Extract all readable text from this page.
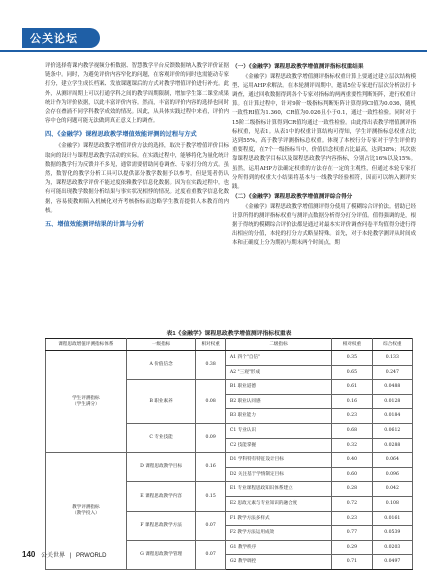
公关论坛

评价选择将课内教学视频分析数据、智慧教学平台反馈数据纳入教学评价证据链条中。同时，为避免评价内容窄化的问题，在客观评价的同时也需能动专家打分，建立学生成长档案、发放课题课后的方式对教学增值评价进行补充。此外，从测评周期上可以打通学科之间的教学周期限制，增加学生第二课堂成果统计作为评价依据，以此丰富评价内容。然而，丰富的评价内容的选择也同时会存在叠涌不同学科教学成效的情况。因此，从具体实践过程中来看，评价内容中仓的问题可能无法做到真正意义上的调查。

四、《金融学》课程思政教学增值效能评测的过程与方式

《金融学》课程思政教学增值评价方法的选择，取决于教学增值评价目标取向的设计与课程思政教学活动的实际。在实践过程中，能够将化为量化统计数据的教学行为反馈并不多见，通常需要借助问卷调查、专家打分的方式。虽然，数智化的教学分析工具可以提供部分教学数据予以参考，但是笼者仍认为，课程思政教学评价不能过度依赖教学信息化数据。因为在实践过程中，也有可能出现教学数据分析结果与事实状况相悖的情况。过度看重教学信息化数据，容易使教师陷入机械化对齐考核指标而忽略学生教育提供人本教育的内核。

五、增值效能测评结果的计算与分析
（一）《金融学》课程思政教学增值测评指标权重结果

《金融学》课程思政教学增值测评指标权重计算上要通过建立层次结构模型、运用AHP求解法。在本轮测评周期中，邀请5位专家进行层次分析法打卡调查，通过回收数据得到各个专家对指标的两两重要性判断矩阵，进行权重计算。在计算过程中，针对9阶一级指标判断矩阵计算得到CI值为0.036，随机一致性RI值为1.360，CR值为0.026且小于0.1，通过一致性检验。同时对于15阶二级指标计算得到CR值均通过一致性检验。由此得出表教学增值测评指标权重，见表1。从表1中的权重计算结构可得知，学生评测指标总权重占比达到55%，高于教学评测指标总权重。体现了本校行分专家对于学生评价的重要程度，在7个一级指标当中，价值信念权重占比最高，达到38%；其次依靠课程思政教学目标以及课程思政教学内容指标，分别占比16%以及15%。虽然，运用AHP方法确定权重的方法存在一定的主观性，但通过本轮专家打分所得到的权重大小结果将基本与一线教学经验相符，因而可以纳入测评实践。

（二）《金融学》课程思政教学增值测评综合得分

《金融学》课程思政教学增值测评得分使用了模糊综合评价法。借助已经计算所得的测评指标权重与测评点数据分析得分打分评值。值得强调的是，根据于得统的模糊综合评价法都是通过对最本实评价调查问卷平均值得分进行得出相应的分值，本轮的打分方式略显特殊。首先，对于本轮教学测评从时间成本和正确度上分为期初与期末两个时间点，期

表1《金融学》课程思政教学增值测评指标权重表
课程思政增值评测指标体系	一级指标	相对权重	二级指标	相对权重	综合权重
学生评测指标
（学生满分）	A 价值信念	0.38	A1 四个"自信"	0.35	0.133
			A2 "三观"形成	0.65	0.247
	B 职业素养	0.08	B1 职业道德	0.61	0.0488
			B2 职业认同感	0.16	0.0128
			B3 职业能力	0.23	0.0184
	C 专业技能	0.09	C1 专业认识	0.68	0.0612
			C2 技能掌握	0.32	0.0288
教学评测指标
（教学投入）	D 课程思政教学目标	0.16	D1 学科特有特征设计目标	0.40	0.064
			D2 关注基于学情制定目标	0.60	0.096
	E 课程思政教学内容	0.15	E1 专业课程思政知识体系建立	0.28	0.042
			E2 思政元素与专业知识的融合度	0.72	0.108
	F 课程思政教学方法	0.07	F1 教学方法多样式	0.23	0.0161
			F2 教学方法运用成效	0.77	0.0539
	G 课程思政教学管理	0.07	G1 教学秩序	0.29	0.0203
			G2 教学调控	0.71	0.0497
140 公关世界 | PRWORLD
